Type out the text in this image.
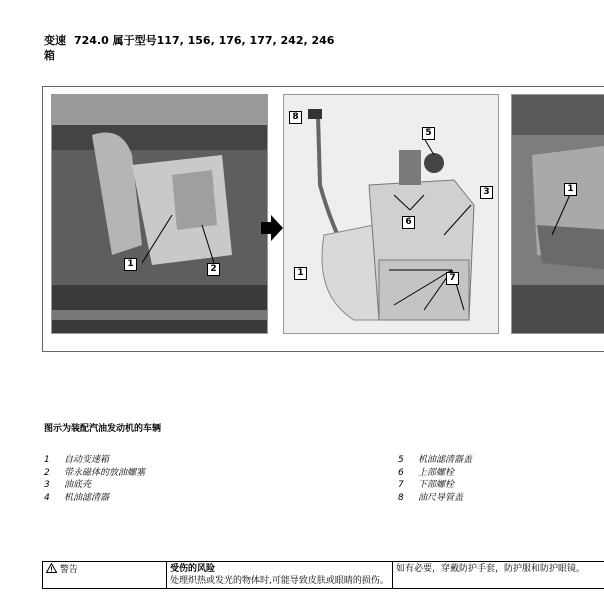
变速 724.0 属于型号117, 156, 176, 177, 242, 246
箱
1	2
8
5
3
6
1	7
1
图示为装配汽油发动机的车辆
1	自动变速箱
2	带永磁体的放油螺塞
3	油底壳
4	机油滤清器
5	机油滤清器盖
6	上部螺栓
7	下部螺栓
8	油尺导管盖
警告	受伤的风险
处理炽热或发光的物体时,可能导致皮肤或眼睛的损伤。
	如有必要，穿戴防护手套，防护服和防护眼镜。
